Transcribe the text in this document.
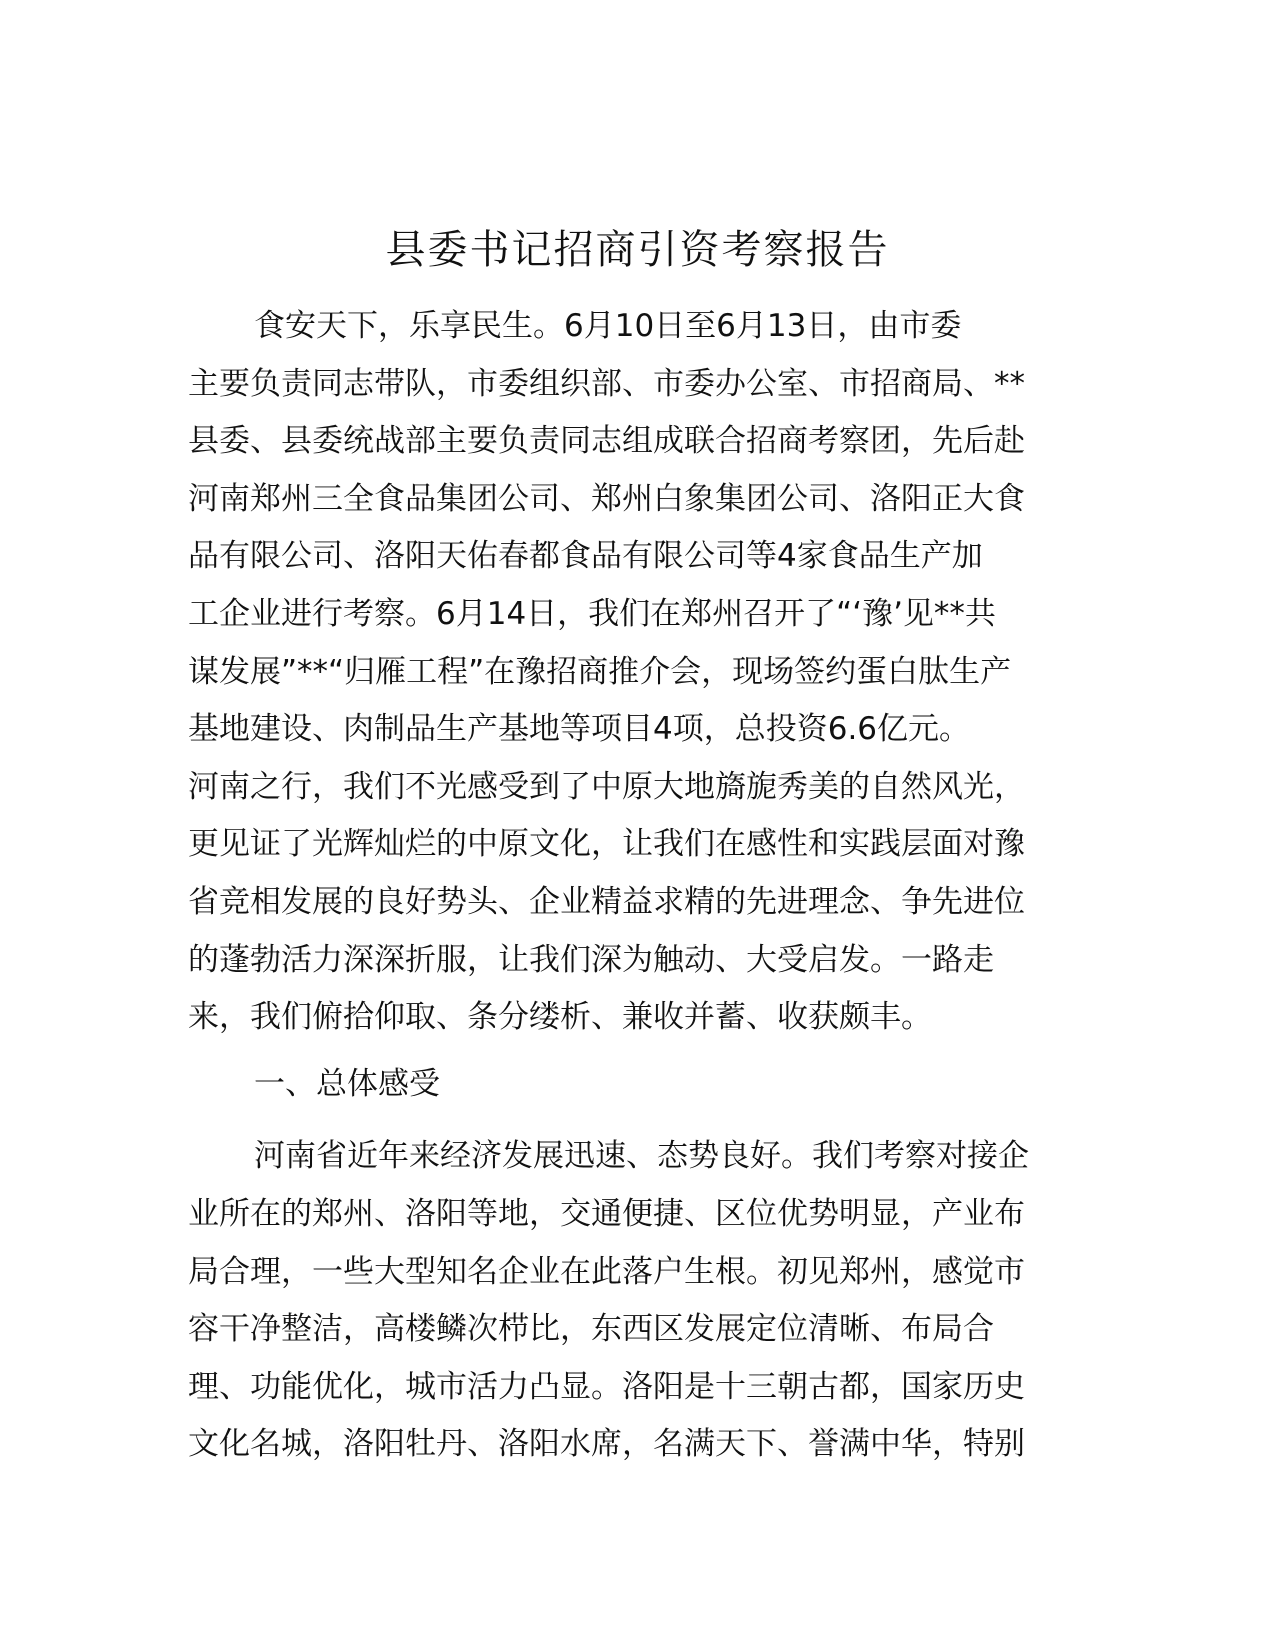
县委书记招商引资考察报告
食安天下，乐享民生。6月10日至6月13日，由市委
主要负责同志带队，市委组织部、市委办公室、市招商局、**
县委、县委统战部主要负责同志组成联合招商考察团，先后赴
河南郑州三全食品集团公司、郑州白象集团公司、洛阳正大食
品有限公司、洛阳天佑春都食品有限公司等4家食品生产加
工企业进行考察。6月14日，我们在郑州召开了“‘豫’见**共
谋发展”**“归雁工程”在豫招商推介会，现场签约蛋白肽生产
基地建设、肉制品生产基地等项目4项，总投资6.6亿元。
河南之行，我们不光感受到了中原大地旖旎秀美的自然风光，
更见证了光辉灿烂的中原文化，让我们在感性和实践层面对豫
省竞相发展的良好势头、企业精益求精的先进理念、争先进位
的蓬勃活力深深折服，让我们深为触动、大受启发。一路走
来，我们俯拾仰取、条分缕析、兼收并蓄、收获颇丰。
一、总体感受
河南省近年来经济发展迅速、态势良好。我们考察对接企
业所在的郑州、洛阳等地，交通便捷、区位优势明显，产业布
局合理，一些大型知名企业在此落户生根。初见郑州，感觉市
容干净整洁，高楼鳞次栉比，东西区发展定位清晰、布局合
理、功能优化，城市活力凸显。洛阳是十三朝古都，国家历史
文化名城，洛阳牡丹、洛阳水席，名满天下、誉满中华，特别
